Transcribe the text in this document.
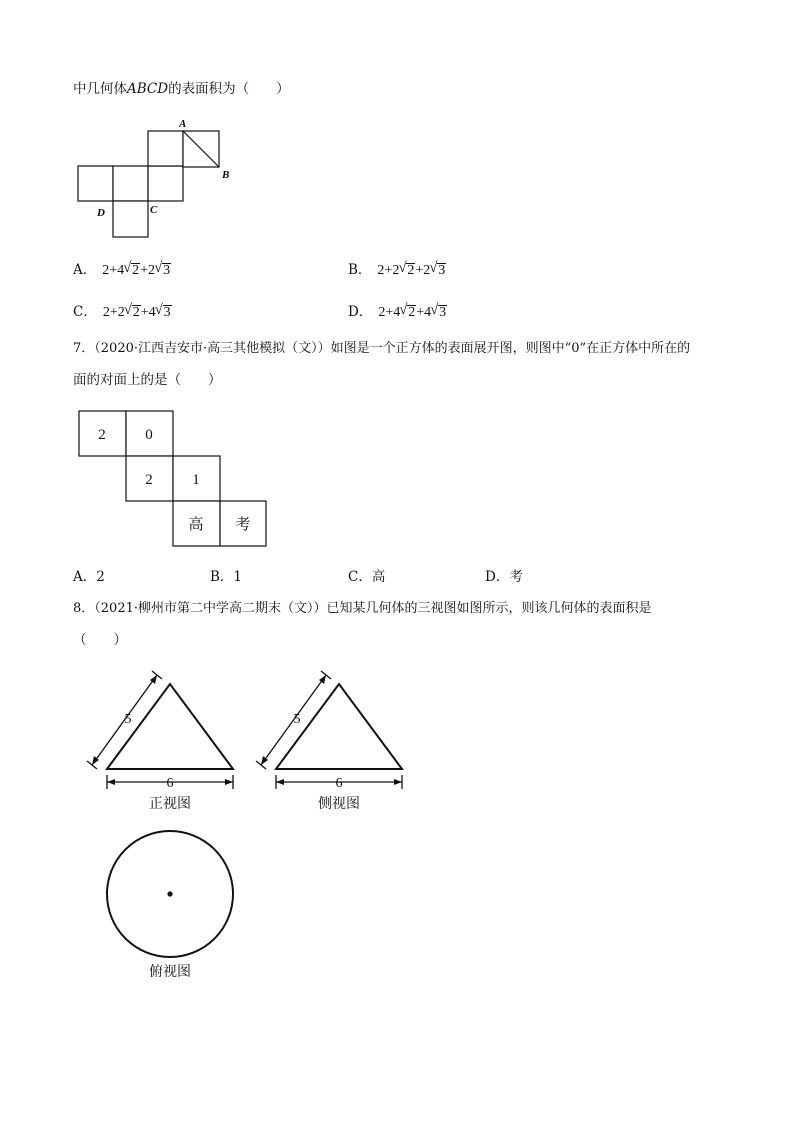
中几何体ABCD的表面积为（　　）
A
B
C
D
A． 2+4 √ 2+2 √ 3	B． 2+2 √ 2+2 √ 3
C． 2+2 √ 2+4 √ 3	D． 2+4 √ 2+4 √ 3
7．（2020·江西吉安市·高三其他模拟（文））如图是一个正方体的表面展开图，则图中“0”在正方体中所在的
面的对面上的是（　　）
2	0
2	1
高 考
A．2	B．1	C．高	D．考
8．（2021·柳州市第二中学高二期末（文））已知某几何体的三视图如图所示，则该几何体的表面积是
（　　）
5
6
正视图
5
6
侧视图
俯视图
